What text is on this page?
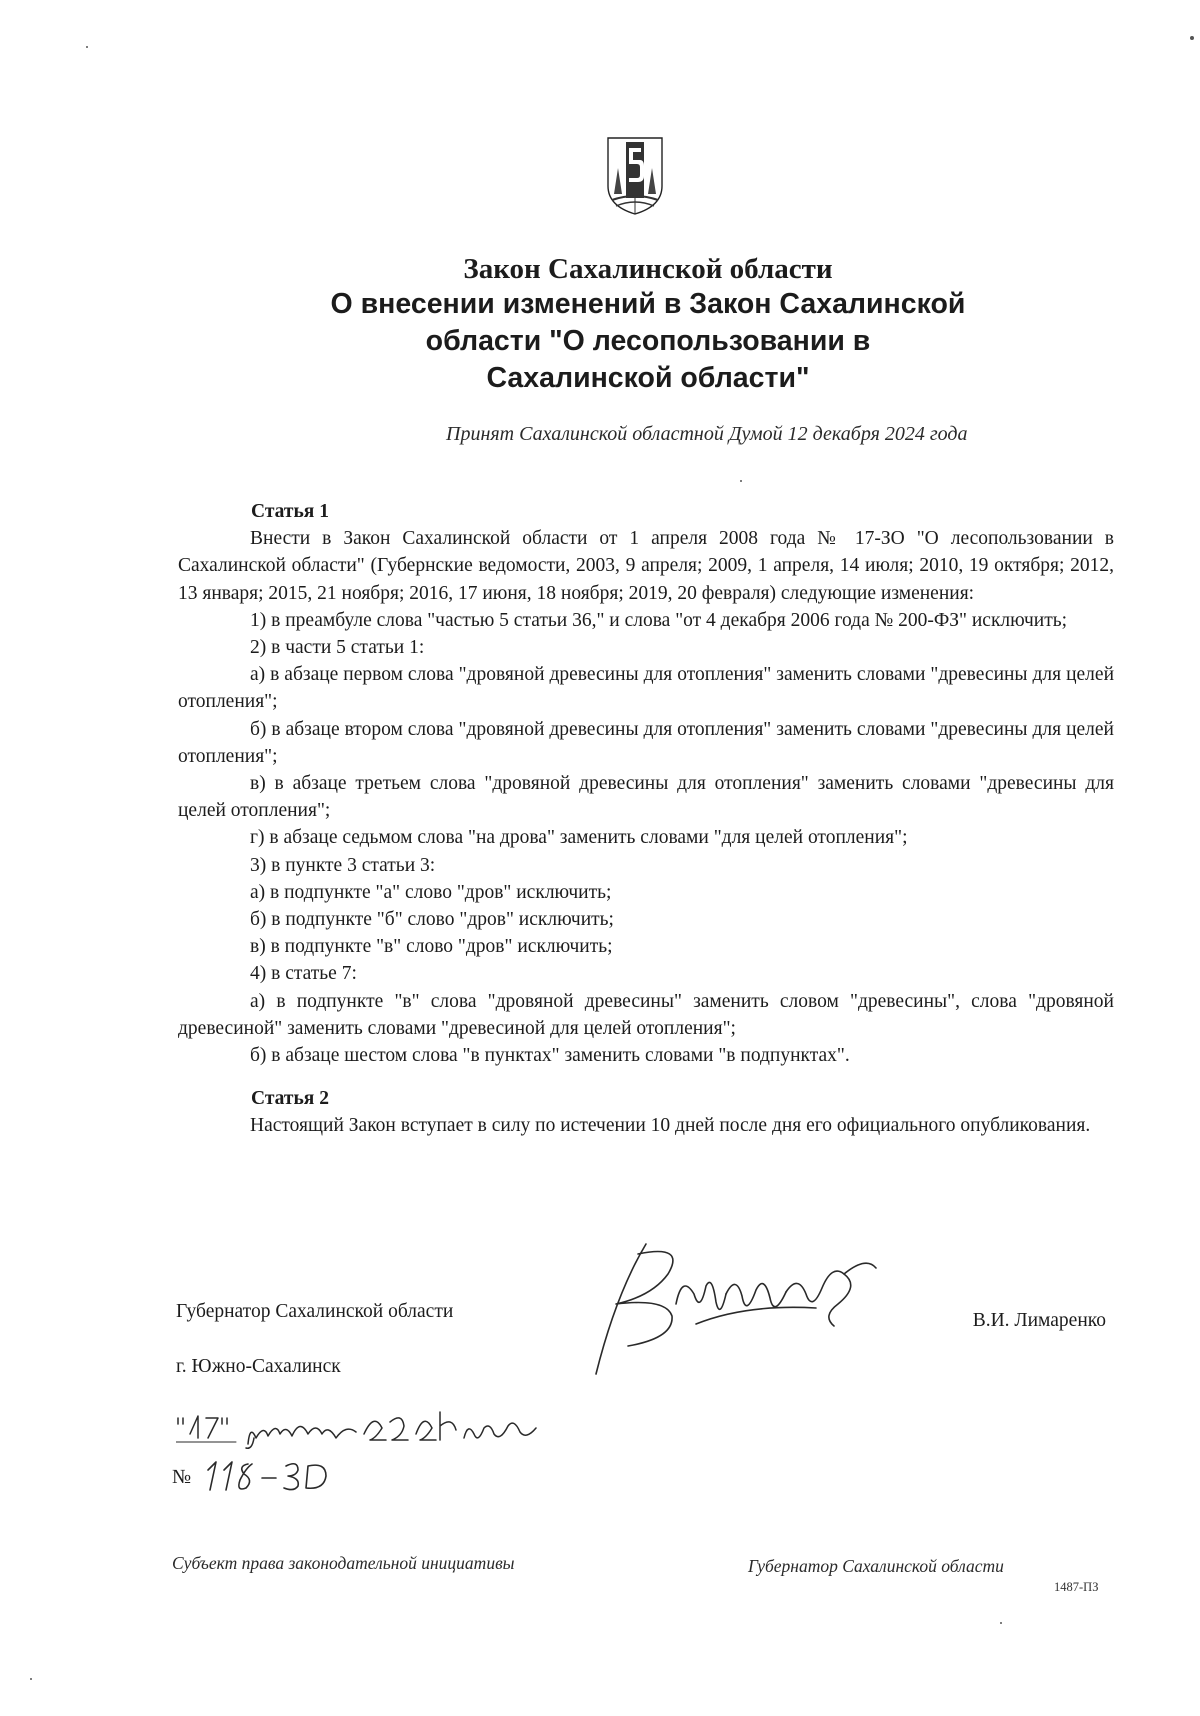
Закон Сахалинской области

О внесении изменений в Закон Сахалинской

области "О лесопользовании в

Сахалинской области"

Принят Сахалинской областной Думой 12 декабря 2024 года

Статья 1

Внести в Закон Сахалинской области от 1 апреля 2008 года № 17-ЗО "О лесопользовании в Сахалинской области" (Губернские ведомости, 2003, 9 апреля; 2009, 1 апреля, 14 июля; 2010, 19 октября; 2012, 13 января; 2015, 21 ноября; 2016, 17 июня, 18 ноября; 2019, 20 февраля) следующие изменения:

1) в преамбуле слова "частью 5 статьи 36," и слова "от 4 декабря 2006 года № 200-ФЗ" исключить;

2) в части 5 статьи 1:

а) в абзаце первом слова "дровяной древесины для отопления" заменить словами "древесины для целей отопления";

б) в абзаце втором слова "дровяной древесины для отопления" заменить словами "древесины для целей отопления";

в) в абзаце третьем слова "дровяной древесины для отопления" заменить словами "древесины для целей отопления";

г) в абзаце седьмом слова "на дрова" заменить словами "для целей отопления";

3) в пункте 3 статьи 3:

а) в подпункте "а" слово "дров" исключить;

б) в подпункте "б" слово "дров" исключить;

в) в подпункте "в" слово "дров" исключить;

4) в статье 7:

а) в подпункте "в" слова "дровяной древесины" заменить словом "древесины", слова "дровяной древесиной" заменить словами "древесиной для целей отопления";

б) в абзаце шестом слова "в пунктах" заменить словами "в подпунктах".

Статья 2

Настоящий Закон вступает в силу по истечении 10 дней после дня его официального опубликования.

Губернатор Сахалинской области	В.И. Лимаренко
г. Южно-Сахалинск
№
Субъект права законодательной инициативы	Губернатор Сахалинской области
1487-ПЗ
